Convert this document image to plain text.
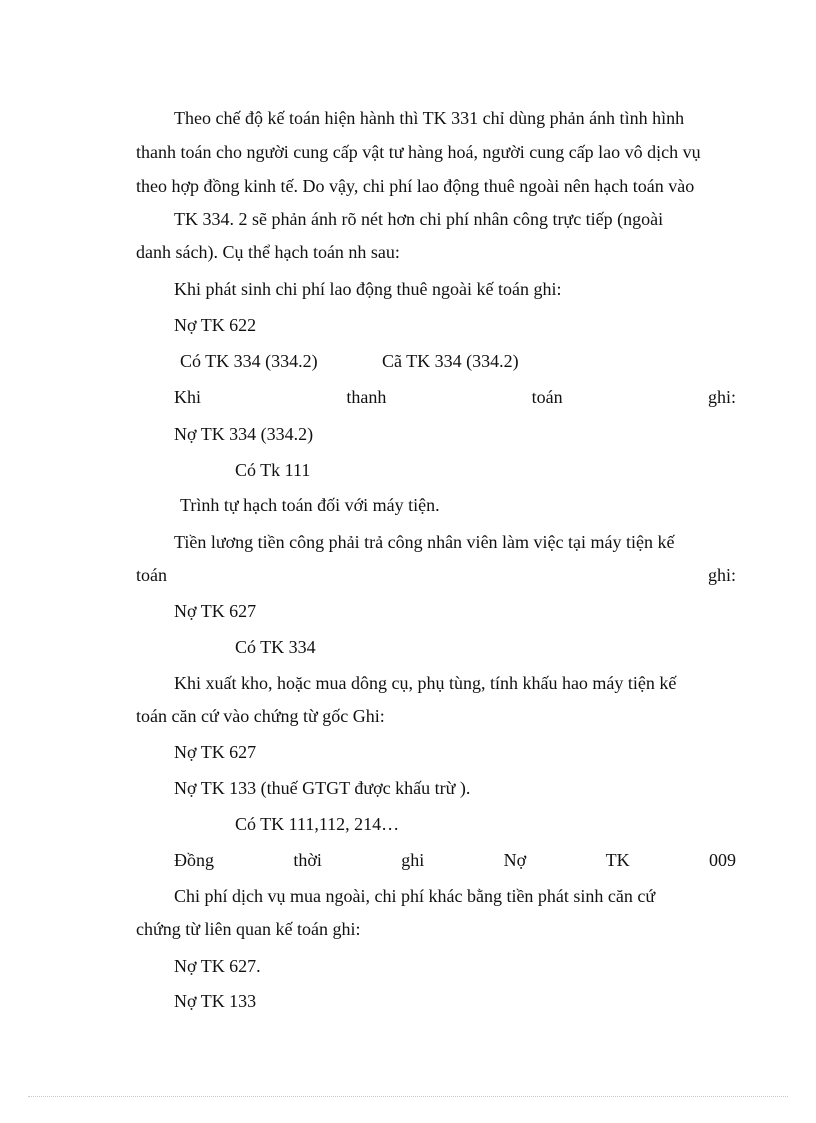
Theo chế độ kế toán hiện hành thì TK 331 chỉ dùng phản ánh tình hình
thanh toán cho người cung cấp vật tư hàng hoá, người cung cấp lao vô dịch vụ
theo hợp đồng kinh tế. Do vậy, chi phí lao động thuê ngoài nên hạch toán vào
TK 334. 2 sẽ phản ánh rõ nét hơn chi phí nhân công trực tiếp (ngoài
danh sách). Cụ thể hạch toán nh sau:
Khi phát sinh chi phí lao động thuê ngoài kế toán ghi:
Nợ TK 622
Có TK 334 (334.2)	Cã TK 334 (334.2)
Khi	thanh	toán	ghi:
Nợ TK 334 (334.2)
Có Tk 111
Trình tự hạch toán đối với máy tiện.
Tiền lương tiền công phải trả công nhân viên làm việc tại máy tiện kế
toán	ghi:
Nợ TK 627
Có TK 334
Khi xuất kho, hoặc mua dông cụ, phụ tùng, tính khấu hao máy tiện kế
toán căn cứ vào chứng từ gốc Ghi:
Nợ TK 627
Nợ TK 133 (thuế GTGT được khấu trừ ).
Có TK 111,112, 214…
Đồng	thời	ghi	Nợ	TK	009
Chi phí dịch vụ mua ngoài, chi phí khác bằng tiền phát sinh căn cứ
chứng từ liên quan kế toán ghi:
Nợ TK 627.
Nợ TK 133
